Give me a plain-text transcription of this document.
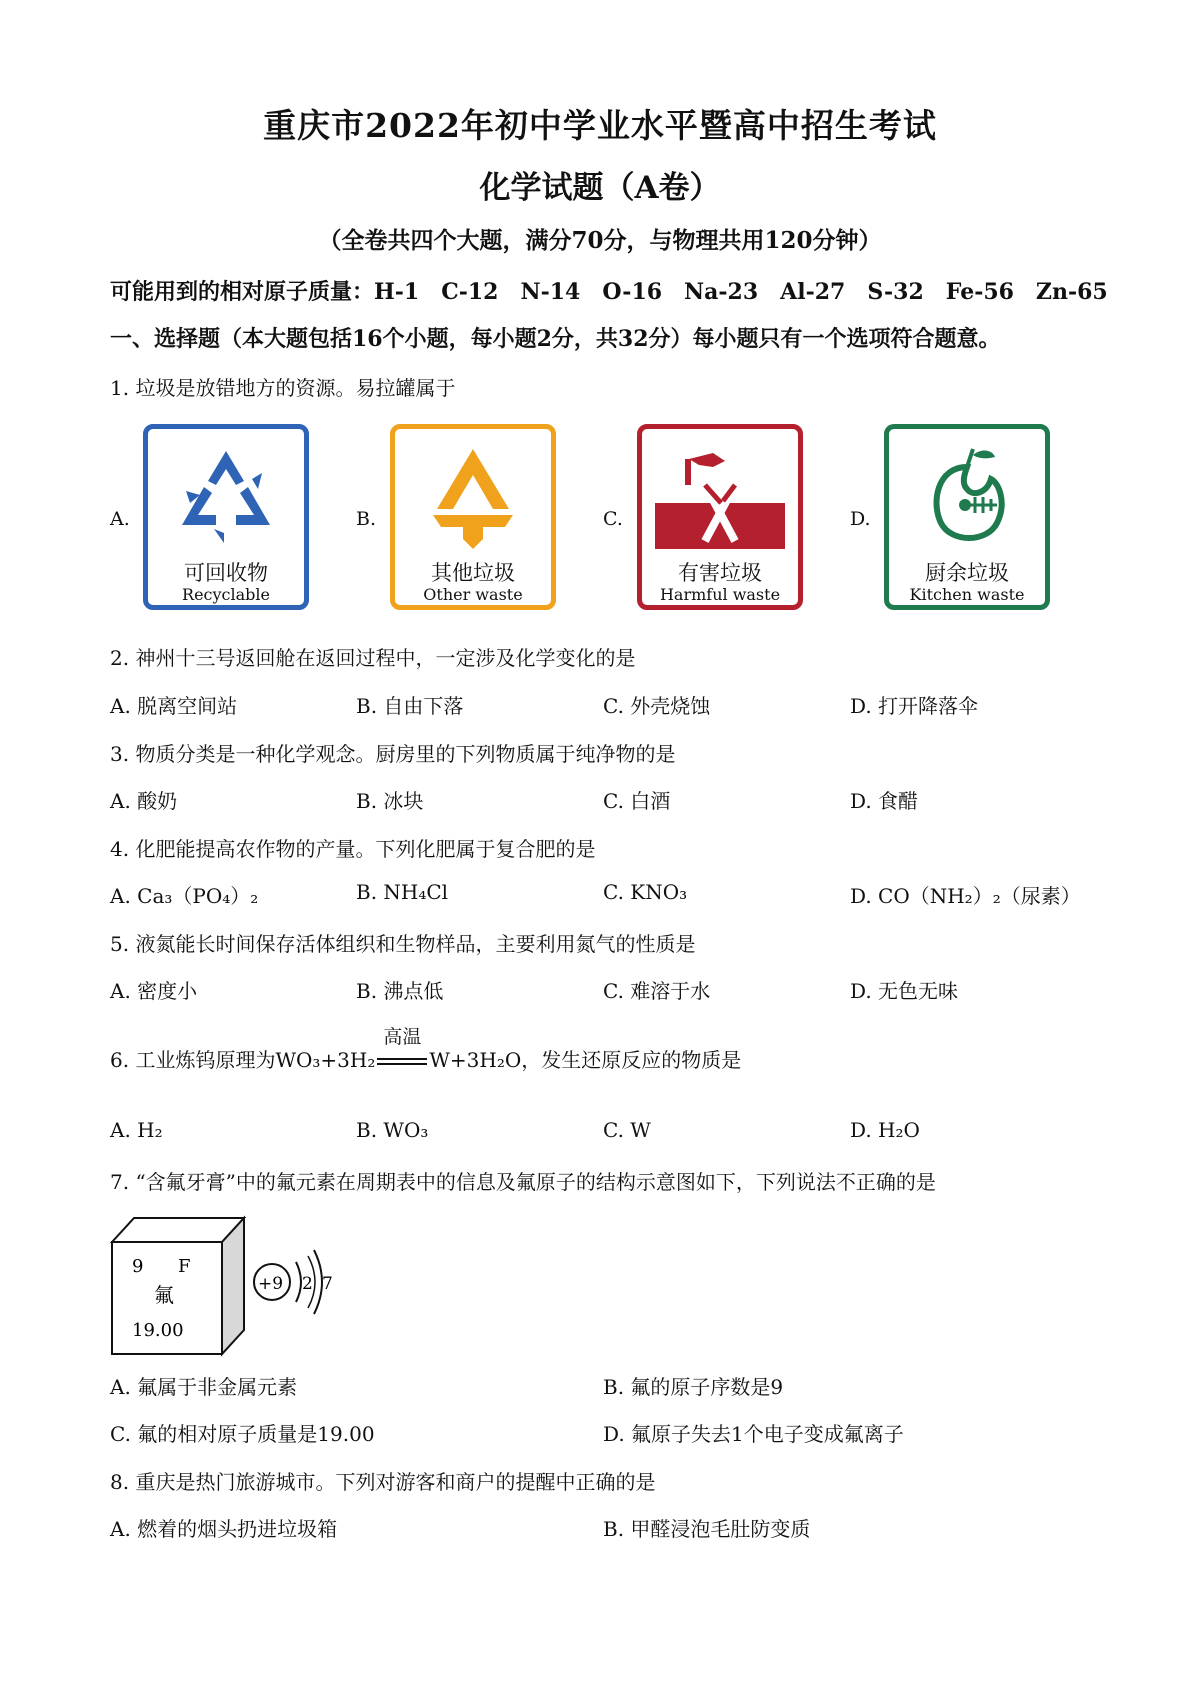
重庆市2022年初中学业水平暨高中招生考试
化学试题（A卷）
（全卷共四个大题，满分70分，与物理共用120分钟）
可能用到的相对原子质量：H-1　C-12　N-14　O-16　Na-23　Al-27　S-32　Fe-56　Zn-65
一、选择题（本大题包括16个小题，每小题2分，共32分）每小题只有一个选项符合题意。
1. 垃圾是放错地方的资源。易拉罐属于
A.	B.	C.	D.
可回收物
Recyclable
其他垃圾
Other waste
有害垃圾
Harmful waste
厨余垃圾
Kitchen waste
2. 神州十三号返回舱在返回过程中，一定涉及化学变化的是
A. 脱离空间站	B. 自由下落	C. 外壳烧蚀	D. 打开降落伞
3. 物质分类是一种化学观念。厨房里的下列物质属于纯净物的是
A. 酸奶	B. 冰块	C. 白酒	D. 食醋
4. 化肥能提高农作物的产量。下列化肥属于复合肥的是
A. Ca₃（PO₄）₂	B. NH₄Cl	C. KNO₃	D. CO（NH₂）₂（尿素）
5. 液氮能长时间保存活体组织和生物样品，主要利用氮气的性质是
A. 密度小	B. 沸点低	C. 难溶于水	D. 无色无味
6. 工业炼钨原理为WO₃+3H₂
高温
W+3H₂O，发生还原反应的物质是
A. H₂	B. WO₃	C. W	D. H₂O
7. “含氟牙膏”中的氟元素在周期表中的信息及氟原子的结构示意图如下，下列说法不正确的是
9 F
氟
19.00
+9 2 7
A. 氟属于非金属元素	B. 氟的原子序数是9
C. 氟的相对原子质量是19.00	D. 氟原子失去1个电子变成氟离子
8. 重庆是热门旅游城市。下列对游客和商户的提醒中正确的是
A. 燃着的烟头扔进垃圾箱	B. 甲醛浸泡毛肚防变质
